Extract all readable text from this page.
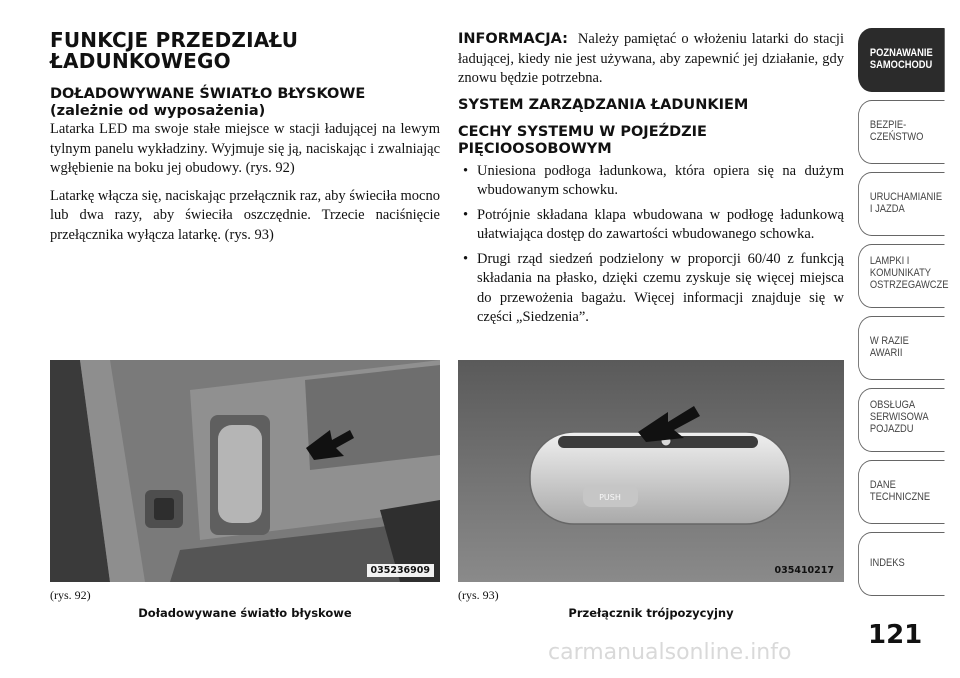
FUNKCJE PRZEDZIAŁU
ŁADUNKOWEGO
DOŁADOWYWANE ŚWIATŁO BŁYSKOWE
(zależnie od wyposażenia)

Latarka LED ma swoje stałe miejsce w stacji ładującej na lewym tylnym panelu wykładziny. Wyjmuje się ją, naciskając i zwalniając wgłębienie na boku jej obudowy. (rys. 92)

Latarkę włącza się, naciskając przełącznik raz, aby świeciła mocno lub dwa razy, aby świeciła oszczędnie. Trzecie naciśnięcie przełącznika wyłącza latarkę. (rys. 93)

INFORMACJA: Należy pamiętać o włożeniu latarki do stacji ładującej, kiedy nie jest używana, aby zapewnić jej działanie, gdy znowu będzie potrzebna.

SYSTEM ZARZĄDZANIA ŁADUNKIEM
CECHY SYSTEMU W POJEŹDZIE
PIĘCIOOSOBOWYM
• Uniesiona podłoga ładunkowa, która opiera się na dużym wbudowanym schowku.
• Potrójnie składana klapa wbudowana w podłogę ładunkową ułatwiająca dostęp do zawartości wbudowanego schowka.
• Drugi rząd siedzeń podzielony w proporcji 60/40 z funkcją składania na płasko, dzięki czemu zyskuje się więcej miejsca do przewożenia bagażu. Więcej informacji znajduje się w części „Siedzenia”.
035236909
(rys. 92)
Doładowywane światło błyskowe
PUSH
035410217
(rys. 93)
Przełącznik trójpozycyjny
POZNAWANIE
SAMOCHODU
BEZPIE-
CZEŃSTWO
URUCHAMIANIE
I JAZDA
LAMPKI I
KOMUNIKATY
OSTRZEGAWCZE
W RAZIE
AWARII
OBSŁUGA
SERWISOWA
POJAZDU
DANE
TECHNICZNE
INDEKS
121
carmanualsonline.info
